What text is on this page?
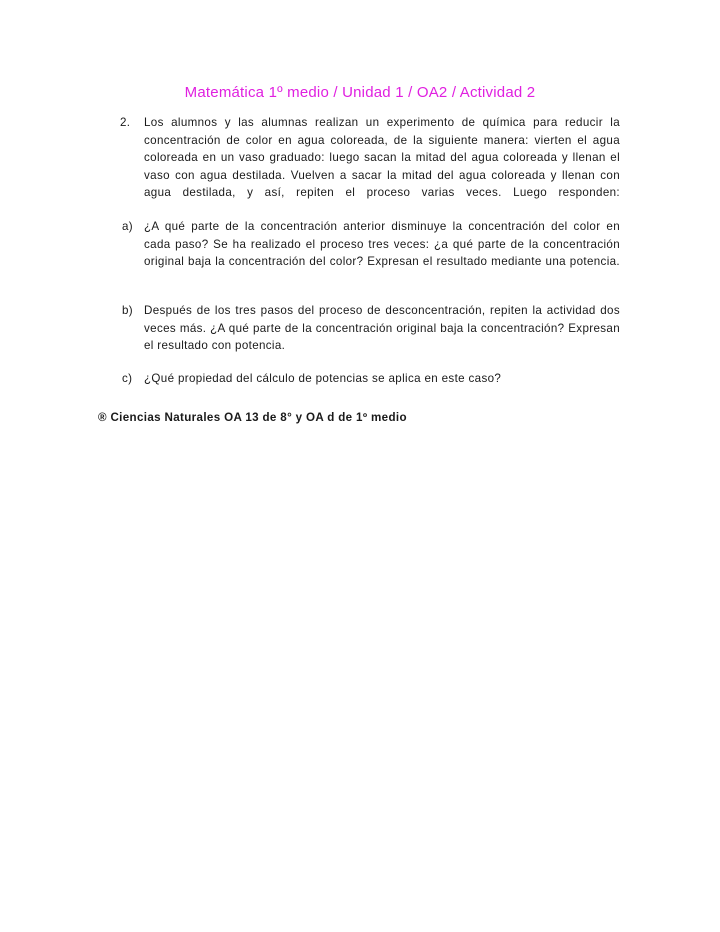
Matemática 1º medio / Unidad 1 / OA2 / Actividad 2
2.	Los alumnos y las alumnas realizan un experimento de química para reducir la concentración de color en agua coloreada, de la siguiente manera: vierten el agua coloreada en un vaso graduado: luego sacan la mitad del agua coloreada y llenan el vaso con agua destilada. Vuelven a sacar la mitad del agua coloreada y llenan con agua destilada, y así, repiten el proceso varias veces. Luego responden:
a) ¿A qué parte de la concentración anterior disminuye la concentración del color en cada paso? Se ha realizado el proceso tres veces: ¿a qué parte de la concentración original baja la concentración del color? Expresan el resultado mediante una potencia.
b) Después de los tres pasos del proceso de desconcentración, repiten la actividad dos veces más. ¿A qué parte de la concentración original baja la concentración? Expresan el resultado con potencia.
c)	¿Qué propiedad del cálculo de potencias se aplica en este caso?
® Ciencias Naturales OA 13 de 8° y OA d de 1º medio
